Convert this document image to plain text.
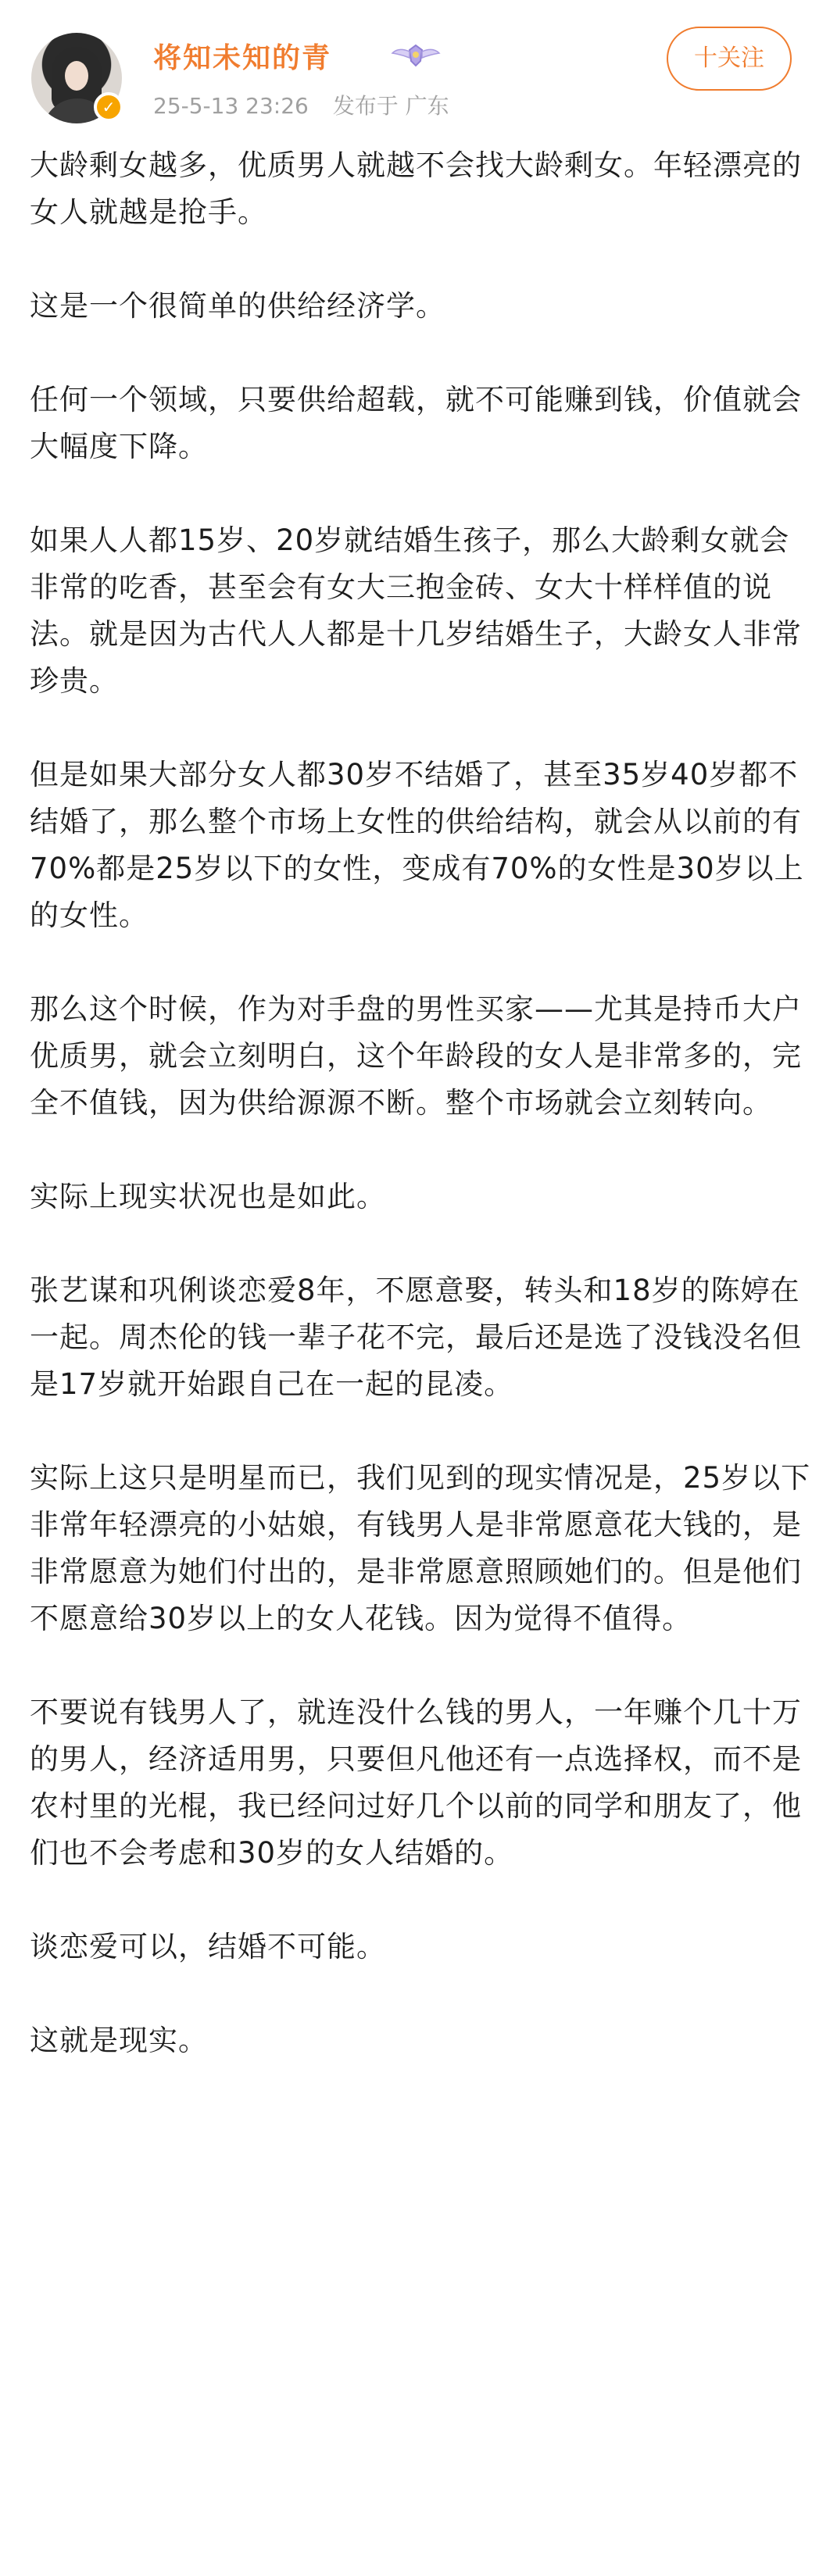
✓
将知未知的青
25-5-13 23:26 发布于 广东
十关注

大龄剩女越多，优质男人就越不会找大龄剩女。年轻漂亮的女人就越是抢手。

这是一个很简单的供给经济学。

任何一个领域，只要供给超载，就不可能赚到钱，价值就会大幅度下降。

如果人人都15岁、20岁就结婚生孩子，那么大龄剩女就会非常的吃香，甚至会有女大三抱金砖、女大十样样值的说法。就是因为古代人人都是十几岁结婚生子，大龄女人非常珍贵。

但是如果大部分女人都30岁不结婚了，甚至35岁40岁都不结婚了，那么整个市场上女性的供给结构，就会从以前的有70%都是25岁以下的女性，变成有70%的女性是30岁以上的女性。

那么这个时候，作为对手盘的男性买家——尤其是持币大户优质男，就会立刻明白，这个年龄段的女人是非常多的，完全不值钱，因为供给源源不断。整个市场就会立刻转向。

实际上现实状况也是如此。

张艺谋和巩俐谈恋爱8年，不愿意娶，转头和18岁的陈婷在一起。周杰伦的钱一辈子花不完，最后还是选了没钱没名但是17岁就开始跟自己在一起的昆凌。

实际上这只是明星而已，我们见到的现实情况是，25岁以下非常年轻漂亮的小姑娘，有钱男人是非常愿意花大钱的，是非常愿意为她们付出的，是非常愿意照顾她们的。但是他们不愿意给30岁以上的女人花钱。因为觉得不值得。

不要说有钱男人了，就连没什么钱的男人，一年赚个几十万的男人，经济适用男，只要但凡他还有一点选择权，而不是农村里的光棍，我已经问过好几个以前的同学和朋友了，他们也不会考虑和30岁的女人结婚的。

谈恋爱可以，结婚不可能。

这就是现实。
